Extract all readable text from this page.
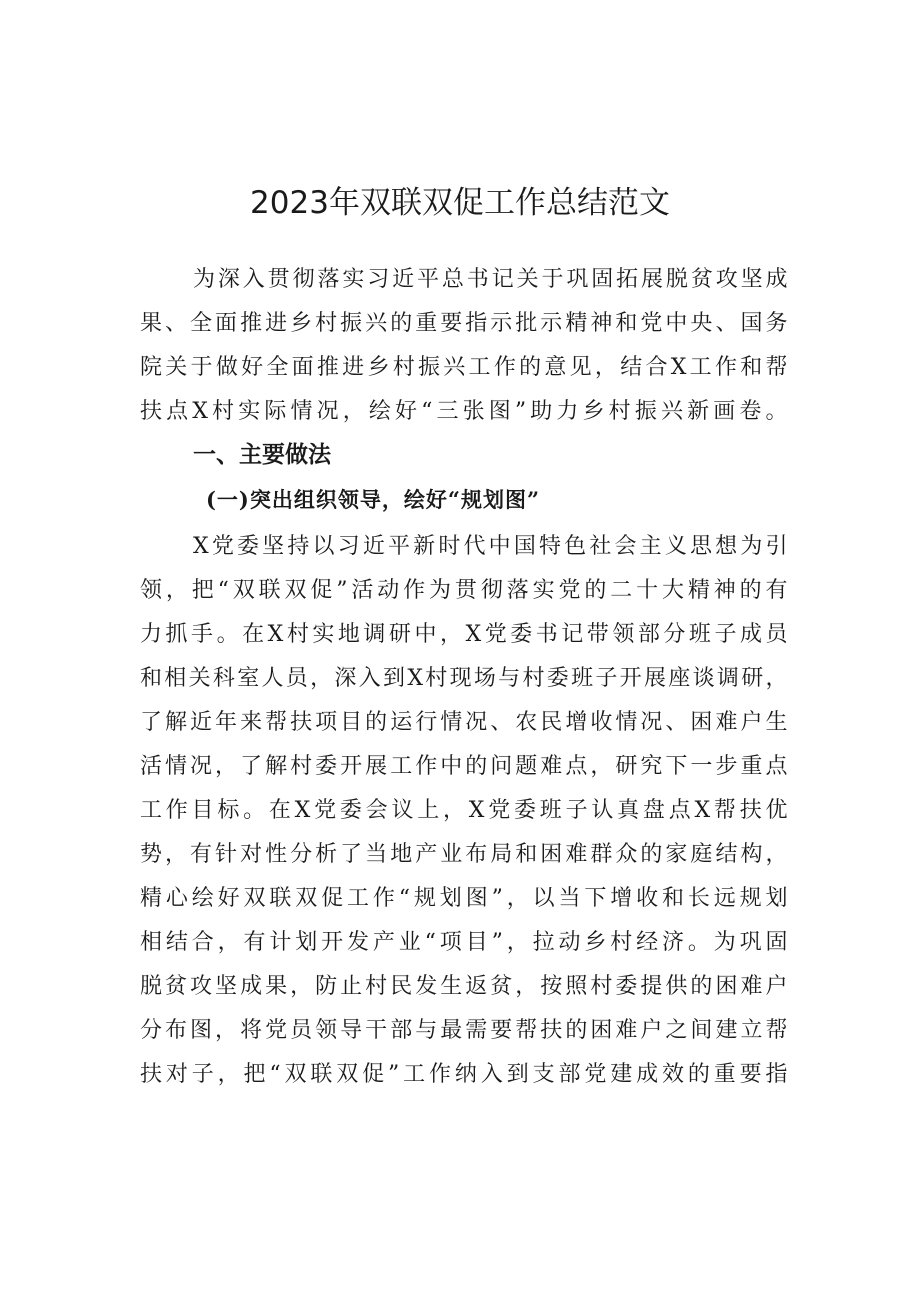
2023年双联双促工作总结范文

为深入贯彻落实习近平总书记关于巩固拓展脱贫攻坚成

果、全面推进乡村振兴的重要指示批示精神和党中央、国务

院关于做好全面推进乡村振兴工作的意见，结合X工作和帮

扶点X村实际情况，绘好“三张图”助力乡村振兴新画卷。

一、主要做法
(一)突出组织领导，绘好“规划图”

X党委坚持以习近平新时代中国特色社会主义思想为引

领，把“双联双促”活动作为贯彻落实党的二十大精神的有

力抓手。在X村实地调研中，X党委书记带领部分班子成员

和相关科室人员，深入到X村现场与村委班子开展座谈调研，

了解近年来帮扶项目的运行情况、农民增收情况、困难户生

活情况，了解村委开展工作中的问题难点，研究下一步重点

工作目标。在X党委会议上，X党委班子认真盘点X帮扶优

势，有针对性分析了当地产业布局和困难群众的家庭结构，

精心绘好双联双促工作“规划图”，以当下增收和长远规划

相结合，有计划开发产业“项目”，拉动乡村经济。为巩固

脱贫攻坚成果，防止村民发生返贫，按照村委提供的困难户

分布图，将党员领导干部与最需要帮扶的困难户之间建立帮

扶对子，把“双联双促”工作纳入到支部党建成效的重要指
